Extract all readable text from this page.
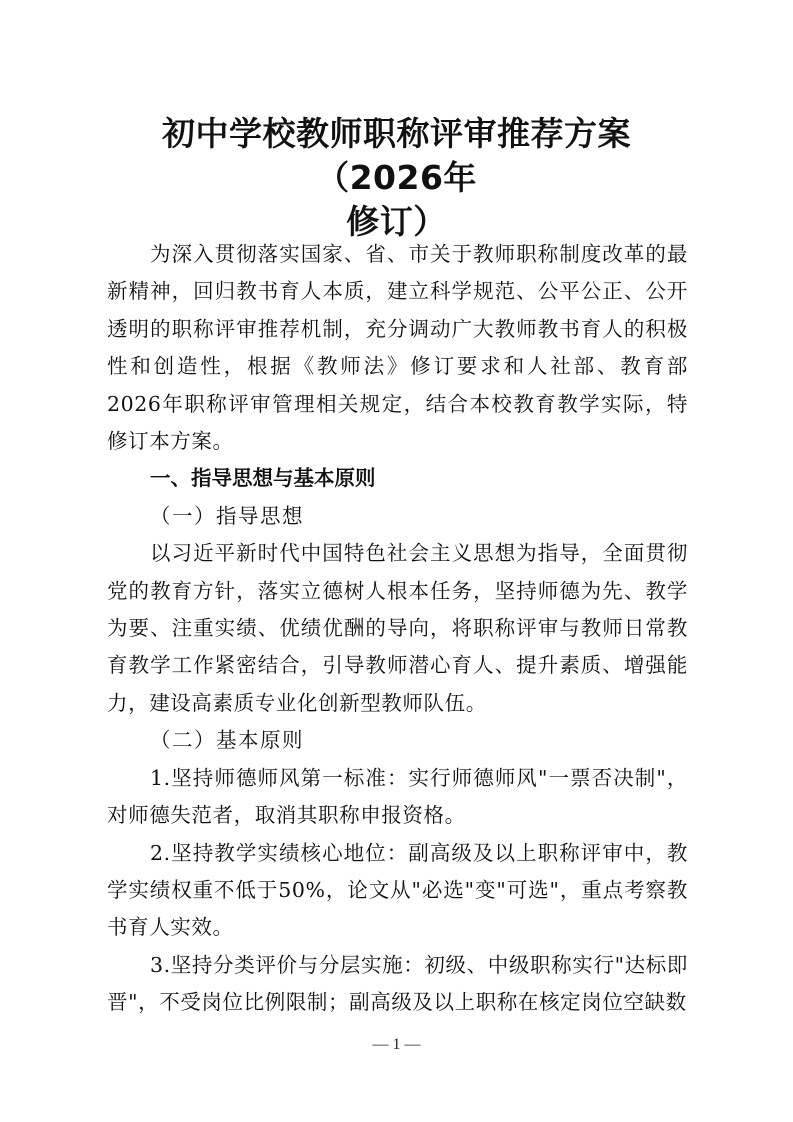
初中学校教师职称评审推荐方案（2026年
修订）

为深入贯彻落实国家、省、市关于教师职称制度改革的最新精神，回归教书育人本质，建立科学规范、公平公正、公开透明的职称评审推荐机制，充分调动广大教师教书育人的积极性和创造性，根据《教师法》修订要求和人社部、教育部2026年职称评审管理相关规定，结合本校教育教学实际，特修订本方案。

一、指导思想与基本原则

（一）指导思想

以习近平新时代中国特色社会主义思想为指导，全面贯彻党的教育方针，落实立德树人根本任务，坚持师德为先、教学为要、注重实绩、优绩优酬的导向，将职称评审与教师日常教育教学工作紧密结合，引导教师潜心育人、提升素质、增强能力，建设高素质专业化创新型教师队伍。

（二）基本原则

1.坚持师德师风第一标准：实行师德师风"一票否决制"，对师德失范者，取消其职称申报资格。

2.坚持教学实绩核心地位：副高级及以上职称评审中，教学实绩权重不低于50%，论文从"必选"变"可选"，重点考察教书育人实效。

3.坚持分类评价与分层实施：初级、中级职称实行"达标即晋"，不受岗位比例限制；副高级及以上职称在核定岗位空缺数

— 1 —
